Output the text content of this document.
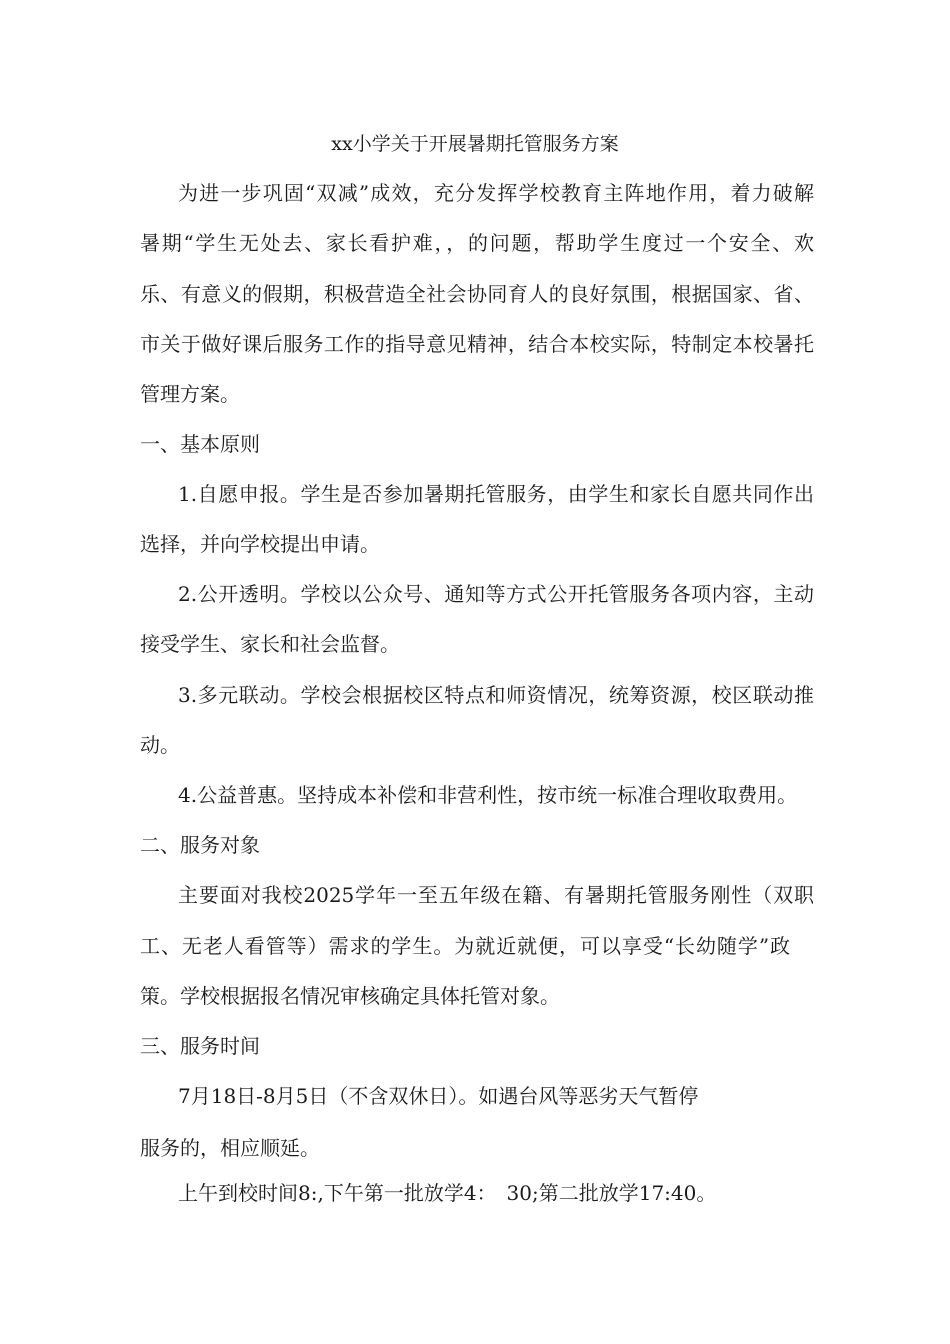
xx小学关于开展暑期托管服务方案

为进一步巩固“双减”成效，充分发挥学校教育主阵地作用，着力破解

暑期“学生无处去、家长看护难，，的问题，帮助学生度过一个安全、欢

乐、有意义的假期，积极营造全社会协同育人的良好氛围，根据国家、省、

市关于做好课后服务工作的指导意见精神，结合本校实际，特制定本校暑托

管理方案。

一、基本原则

1.自愿申报。学生是否参加暑期托管服务，由学生和家长自愿共同作出

选择，并向学校提出申请。

2.公开透明。学校以公众号、通知等方式公开托管服务各项内容，主动

接受学生、家长和社会监督。

3.多元联动。学校会根据校区特点和师资情况，统筹资源，校区联动推

动。

4.公益普惠。坚持成本补偿和非营利性，按市统一标准合理收取费用。

二、服务对象

主要面对我校2025学年一至五年级在籍、有暑期托管服务刚性（双职

工、无老人看管等）需求的学生。为就近就便，可以享受“长幼随学”政

策。学校根据报名情况审核确定具体托管对象。

三、服务时间

7月18日-8月5日（不含双休日）。如遇台风等恶劣天气暂停

服务的，相应顺延。

上午到校时间8:,下午第一批放学4：　30;第二批放学17:40。
